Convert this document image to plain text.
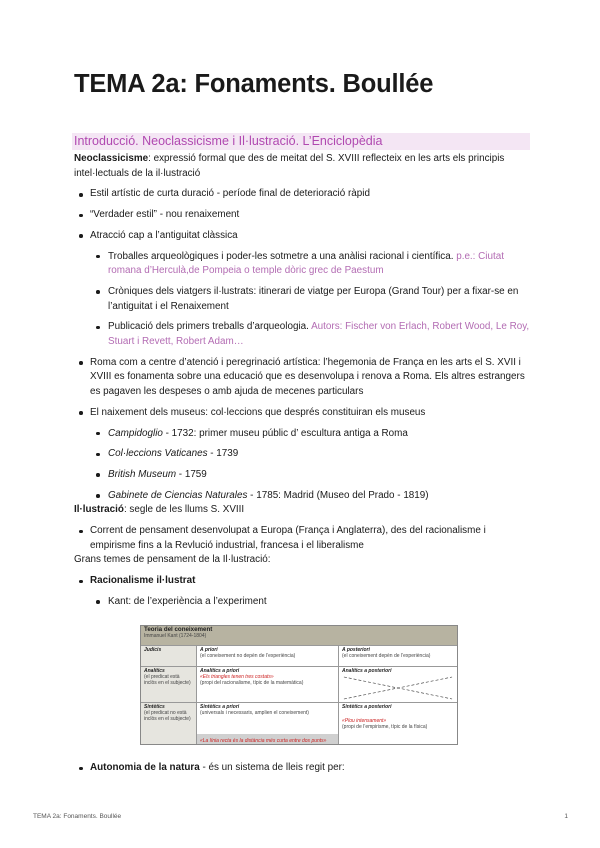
TEMA 2a: Fonaments. Boullée
Introducció. Neoclassicisme i Il·lustració. L’Enciclopèdia

Neoclassicisme: expressió formal que des de meitat del S. XVIII reflecteix en les arts els principis intel·lectuals de la il·lustració

Estil artístic de curta duració - període final de deterioració ràpid
“Verdader estil” - nou renaixement
Atracció cap a l’antiguitat clàssica
Troballes arqueològiques i poder-les sotmetre a una anàlisi racional i científica. p.e.: Ciutat romana d’Herculà,de Pompeia o temple dòric grec de Paestum
Cròniques dels viatgers il·lustrats: itinerari de viatge per Europa (Grand Tour) per a fixar-se en l’antiguitat i el Renaixement
Publicació dels primers treballs d’arqueologia. Autors: Fischer von Erlach, Robert Wood, Le Roy, Stuart i Revett, Robert Adam…
Roma com a centre d’atenció i peregrinació artística: l’hegemonia de França en les arts el S. XVII i XVIII es fonamenta sobre una educació que es desenvolupa i renova a Roma. Els altres estrangers es pagaven les despeses o amb ajuda de mecenes particulars
El naixement dels museus: col·leccions que després constituiran els museus
Campidoglio - 1732: primer museu públic d’ escultura antiga a Roma
Col·leccions Vaticanes - 1739
British Museum - 1759
Gabinete de Ciencias Naturales - 1785: Madrid (Museo del Prado - 1819)

Il·lustració: segle de les llums S. XVIII

Corrent de pensament desenvolupat a Europa (França i Anglaterra), des del racionalisme i empirisme fins a la Revlució industrial, francesa i el liberalisme

Grans temes de pensament de la Il·lustració:

Racionalisme il·lustrat
Kant: de l’experiència a l’experiment
Teoria del coneixement
Immanuel Kant (1724-1804)
Judicis	A priori
(el coneixement no depèn de l’experiència)
A posteriori
(el coneixement depèn de l’experiència)
Analítics
(el predicat està inclòs en el subjecte)
Analítics a priori
«Els triangles tenen tres costats»
(propi del racionalisme, típic de la matemàtica)
Analítics a posteriori
Sintètics
(el predicat no està inclòs en el subjecte)
Sintètics a priori
(universals i necessaris, amplien el coneixement)
«La línia recta és la distància més curta entre dos punts»
Sintètics a posteriori
«Plou intensament»
(propi de l’empirisme, típic de la física)
Autonomia de la natura - és un sistema de lleis regit per:
TEMA 2a: Fonaments. Boullée	1
